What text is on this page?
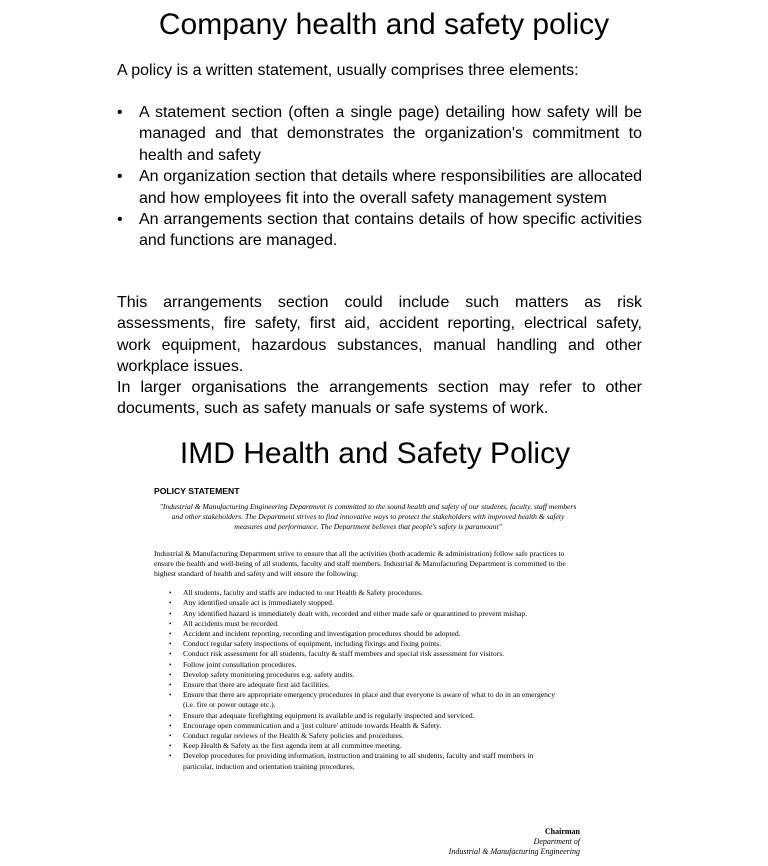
Company health and safety policy
A policy is a written statement, usually comprises three elements:
• A statement section (often a single page) detailing how safety will be managed and that demonstrates the organization's commitment to health and safety
• An organization section that details where responsibilities are allocated and how employees fit into the overall safety management system
• An arrangements section that contains details of how specific activities and functions are managed.

This arrangements section could include such matters as risk assessments, fire safety, first aid, accident reporting, electrical safety, work equipment, hazardous substances, manual handling and other workplace issues.

In larger organisations the arrangements section may refer to other documents, such as safety manuals or safe systems of work.

IMD Health and Safety Policy
POLICY STATEMENT
"Industrial & Manufacturing Engineering Department is committed to the sound health and safety of our students, faculty, staff members and other stakeholders. The Department strives to find innovative ways to protect the stakeholders with improved health & safety measures and performance. The Department believes that people's safety is paramount"
Industrial & Manufacturing Department strive to ensure that all the activities (both academic & administration) follow safe practices to ensure the health and well-being of all students, faculty and staff members. Industrial & Manufacturing Department is committed to the highest standard of health and safety and will ensure the following:
• All students, faculty and staffs are inducted to our Health & Safety procedures.
• Any identified unsafe act is immediately stopped.
• Any identified hazard is immediately dealt with, recorded and either made safe or quarantined to prevent mishap.
• All accidents must be recorded.
• Accident and incident reporting, recording and investigation procedures should be adopted.
• Conduct regular safety inspections of equipment, including fixings and fixing points.
• Conduct risk assessment for all students, faculty & staff members and special risk assessment for visitors.
• Follow joint consultation procedures.
• Develop safety monitoring procedures e.g. safety audits.
• Ensure that there are adequate first aid facilities.
• Ensure that there are appropriate emergency procedures in place and that everyone is aware of what to do in an emergency (i.e. fire or power outage etc.).
• Ensure that adequate firefighting equipment is available and is regularly inspected and serviced.
• Encourage open communication and a 'just culture' attitude towards Health & Safety.
• Conduct regular reviews of the Health & Safety policies and procedures.
• Keep Health & Safety as the first agenda item at all committee meeting.
• Develop procedures for providing information, instruction and training to all students, faculty and staff members in particular, induction and orientation training procedures.
Chairman
Department of
Industrial & Manufacturing Engineering
